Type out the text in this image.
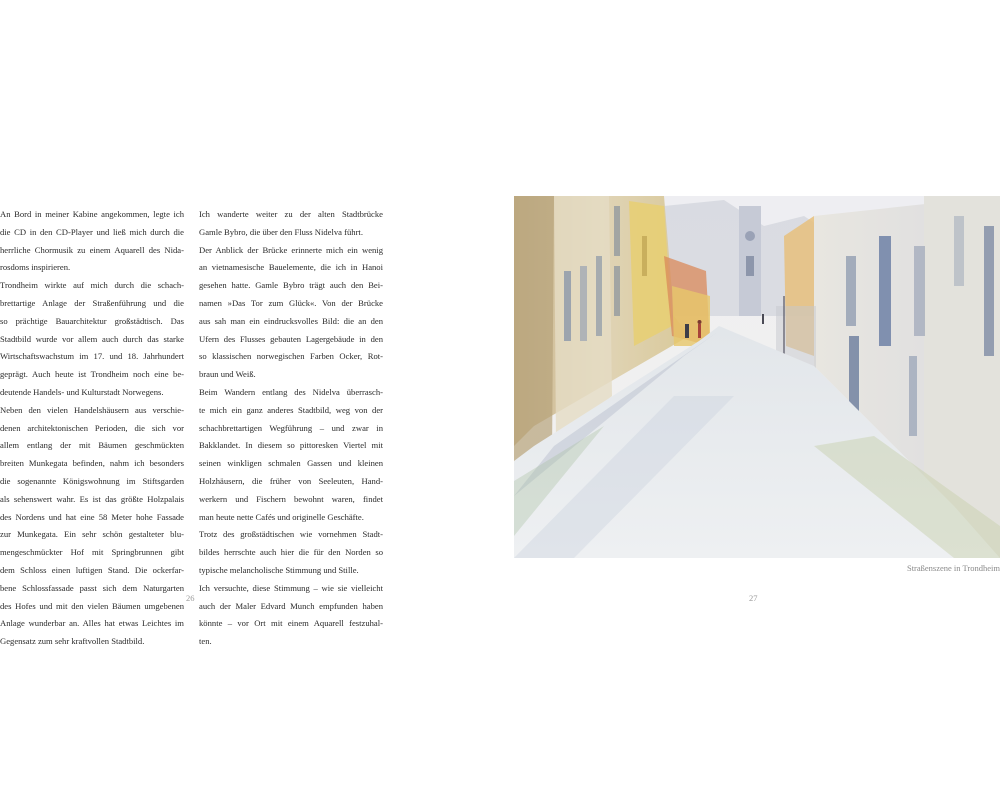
An Bord in meiner Kabine angekommen, legte ich
die CD in den CD-Player und ließ mich durch die
herrliche Chormusik zu einem Aquarell des Nida-
rosdoms inspirieren.
Trondheim wirkte auf mich durch die schach-
brettartige Anlage der Straßenführung und die
so prächtige Bauarchitektur großstädtisch. Das
Stadtbild wurde vor allem auch durch das starke
Wirtschaftswachstum im 17. und 18. Jahrhundert
geprägt. Auch heute ist Trondheim noch eine be-
deutende Handels- und Kulturstadt Norwegens.
Neben den vielen Handelshäusern aus verschie-
denen architektonischen Perioden, die sich vor
allem entlang der mit Bäumen geschmückten
breiten Munkegata befinden, nahm ich besonders
die sogenannte Königswohnung im Stiftsgarden
als sehenswert wahr. Es ist das größte Holzpalais
des Nordens und hat eine 58 Meter hohe Fassade
zur Munkegata. Ein sehr schön gestalteter blu-
mengeschmückter Hof mit Springbrunnen gibt
dem Schloss einen luftigen Stand. Die ockerfar-
bene Schlossfassade passt sich dem Naturgarten
des Hofes und mit den vielen Bäumen umgebenen
Anlage wunderbar an. Alles hat etwas Leichtes im
Gegensatz zum sehr kraftvollen Stadtbild.
Ich wanderte weiter zu der alten Stadtbrücke
Gamle Bybro, die über den Fluss Nidelva führt.
Der Anblick der Brücke erinnerte mich ein wenig
an vietnamesische Bauelemente, die ich in Hanoi
gesehen hatte. Gamle Bybro trägt auch den Bei-
namen »Das Tor zum Glück«. Von der Brücke
aus sah man ein eindrucksvolles Bild: die an den
Ufern des Flusses gebauten Lagergebäude in den
so klassischen norwegischen Farben Ocker, Rot-
braun und Weiß.
Beim Wandern entlang des Nidelva überrasch-
te mich ein ganz anderes Stadtbild, weg von der
schachbrettartigen Wegführung – und zwar in
Bakklandet. In diesem so pittoresken Viertel mit
seinen winkligen schmalen Gassen und kleinen
Holzhäusern, die früher von Seeleuten, Hand-
werkern und Fischern bewohnt waren, findet
man heute nette Cafés und originelle Geschäfte.
Trotz des großstädtischen wie vornehmen Stadt-
bildes herrschte auch hier die für den Norden so
typische melancholische Stimmung und Stille.
Ich versuchte, diese Stimmung – wie sie vielleicht
auch der Maler Edvard Munch empfunden haben
könnte – vor Ort mit einem Aquarell festzuhal-
ten.
26	27
Straßenszene in Trondheim
